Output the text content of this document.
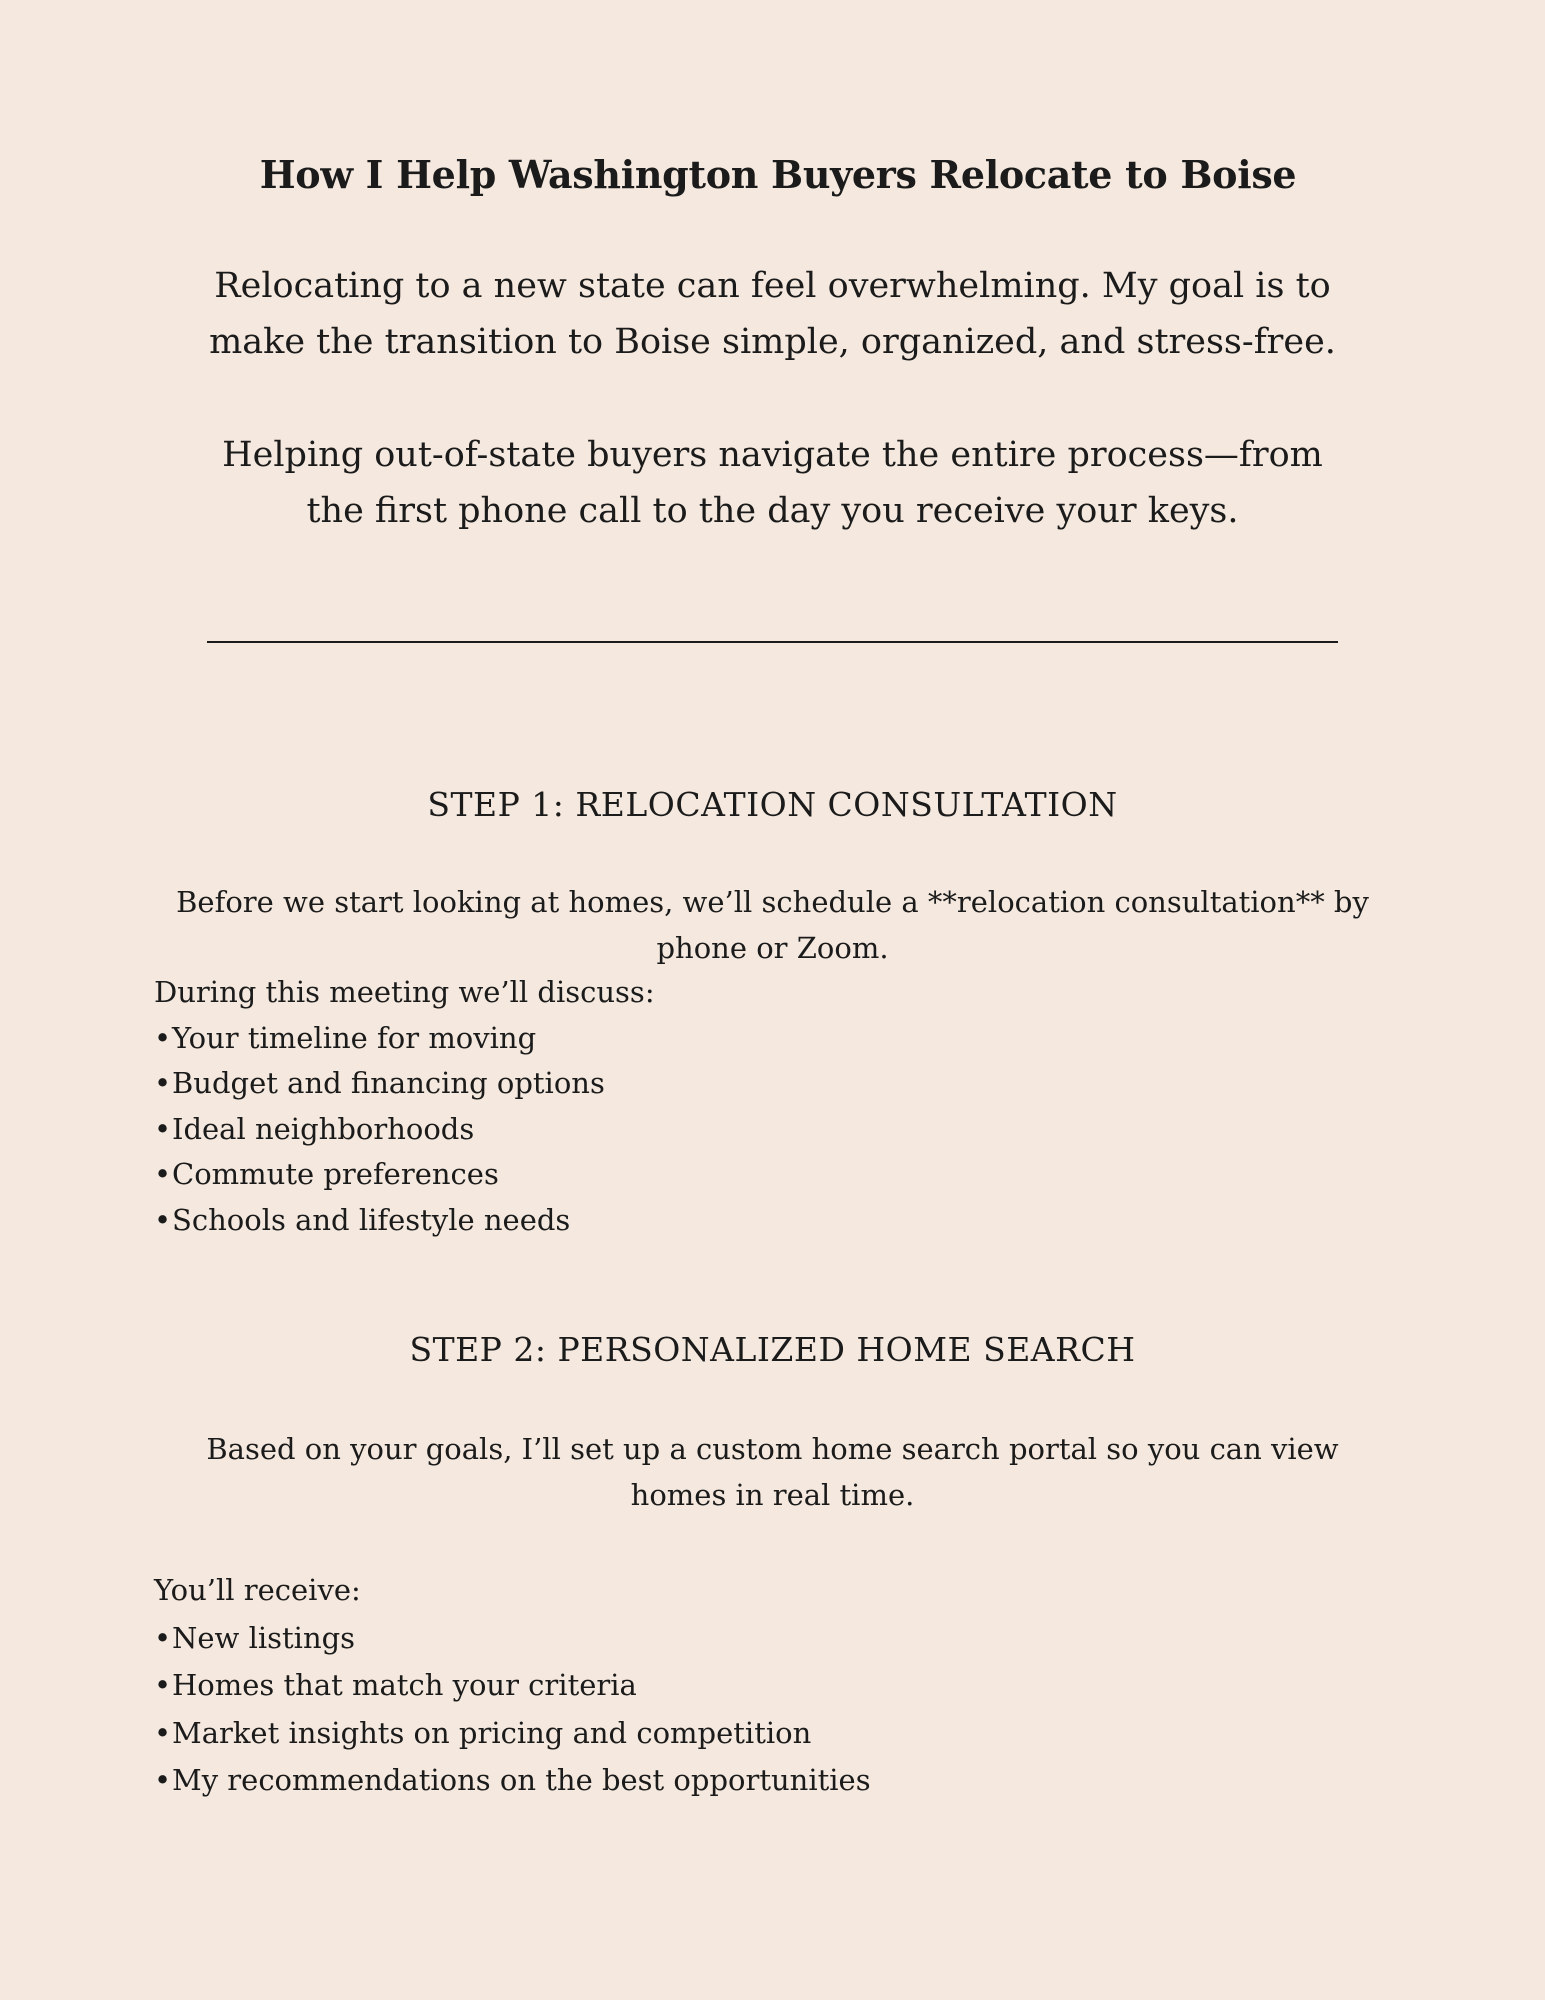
How I Help Washington Buyers Relocate to Boise

Relocating to a new state can feel overwhelming. My goal is to make the transition to Boise simple, organized, and stress-free.

Helping out-of-state buyers navigate the entire process—from the first phone call to the day you receive your keys.

STEP 1: RELOCATION CONSULTATION

Before we start looking at homes, we’ll schedule a **relocation consultation** by phone or Zoom.

During this meeting we’ll discuss:
•Your timeline for moving
•Budget and financing options
•Ideal neighborhoods
•Commute preferences
•Schools and lifestyle needs
STEP 2: PERSONALIZED HOME SEARCH

Based on your goals, I’ll set up a custom home search portal so you can view homes in real time.

You’ll receive:
•New listings
•Homes that match your criteria
•Market insights on pricing and competition
•My recommendations on the best opportunities
